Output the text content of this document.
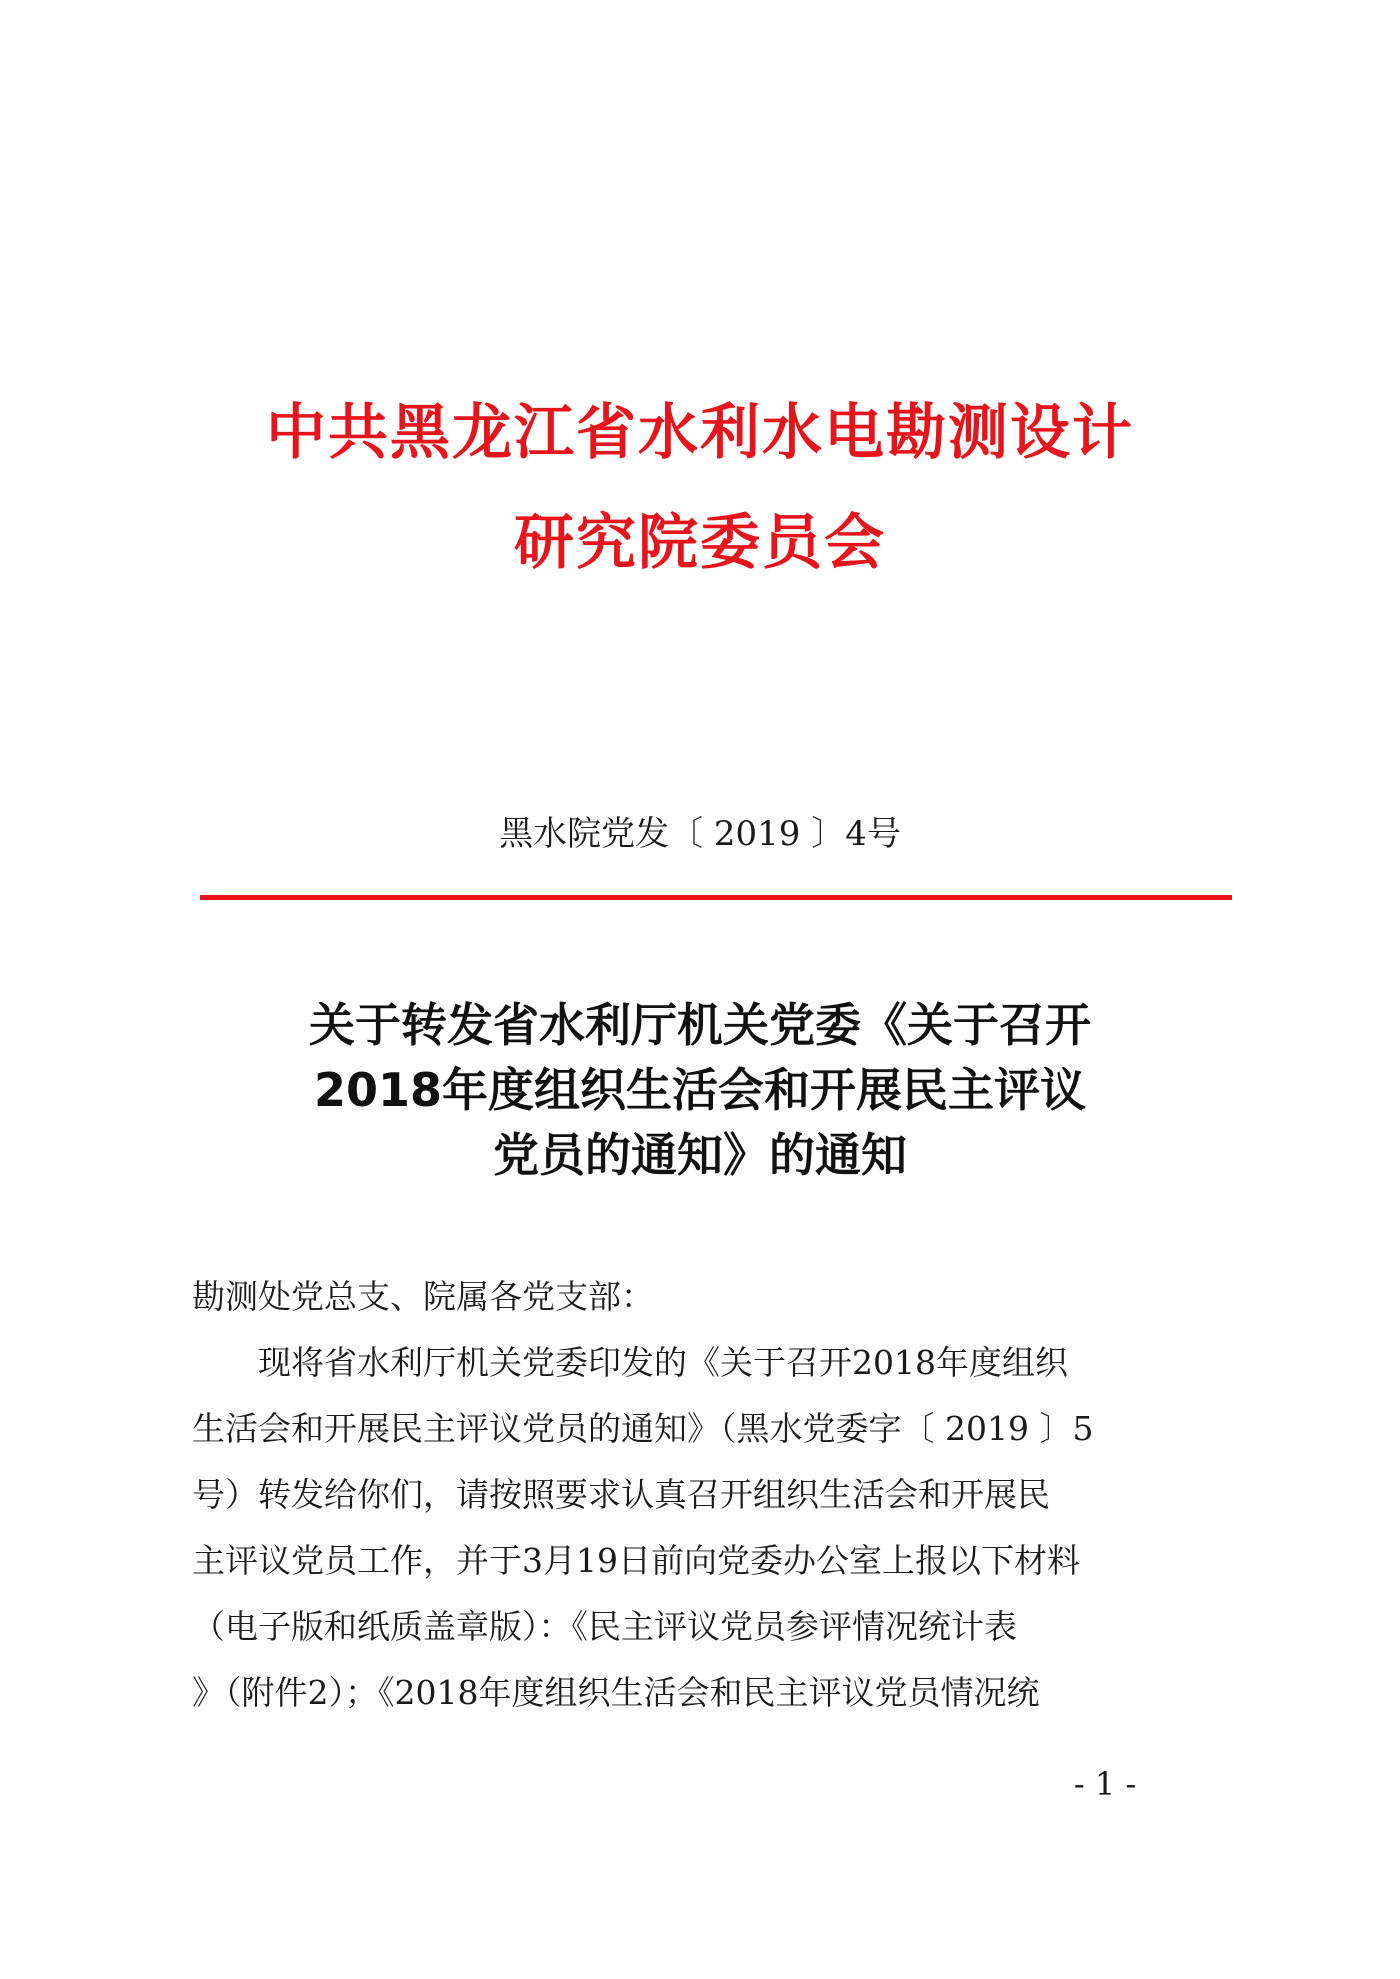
中共黑龙江省水利水电勘测设计
研究院委员会
黑水院党发〔 2019 〕4号
关于转发省水利厅机关党委《关于召开
2018年度组织生活会和开展民主评议
党员的通知》的通知
勘测处党总支、院属各党支部：
现将省水利厅机关党委印发的《关于召开2018年度组织
生活会和开展民主评议党员的通知》（黑水党委字〔 2019 〕5
号）转发给你们，请按照要求认真召开组织生活会和开展民
主评议党员工作，并于3月19日前向党委办公室上报以下材料
（电子版和纸质盖章版）：《民主评议党员参评情况统计表
》（附件2）；《2018年度组织生活会和民主评议党员情况统
- 1 -
